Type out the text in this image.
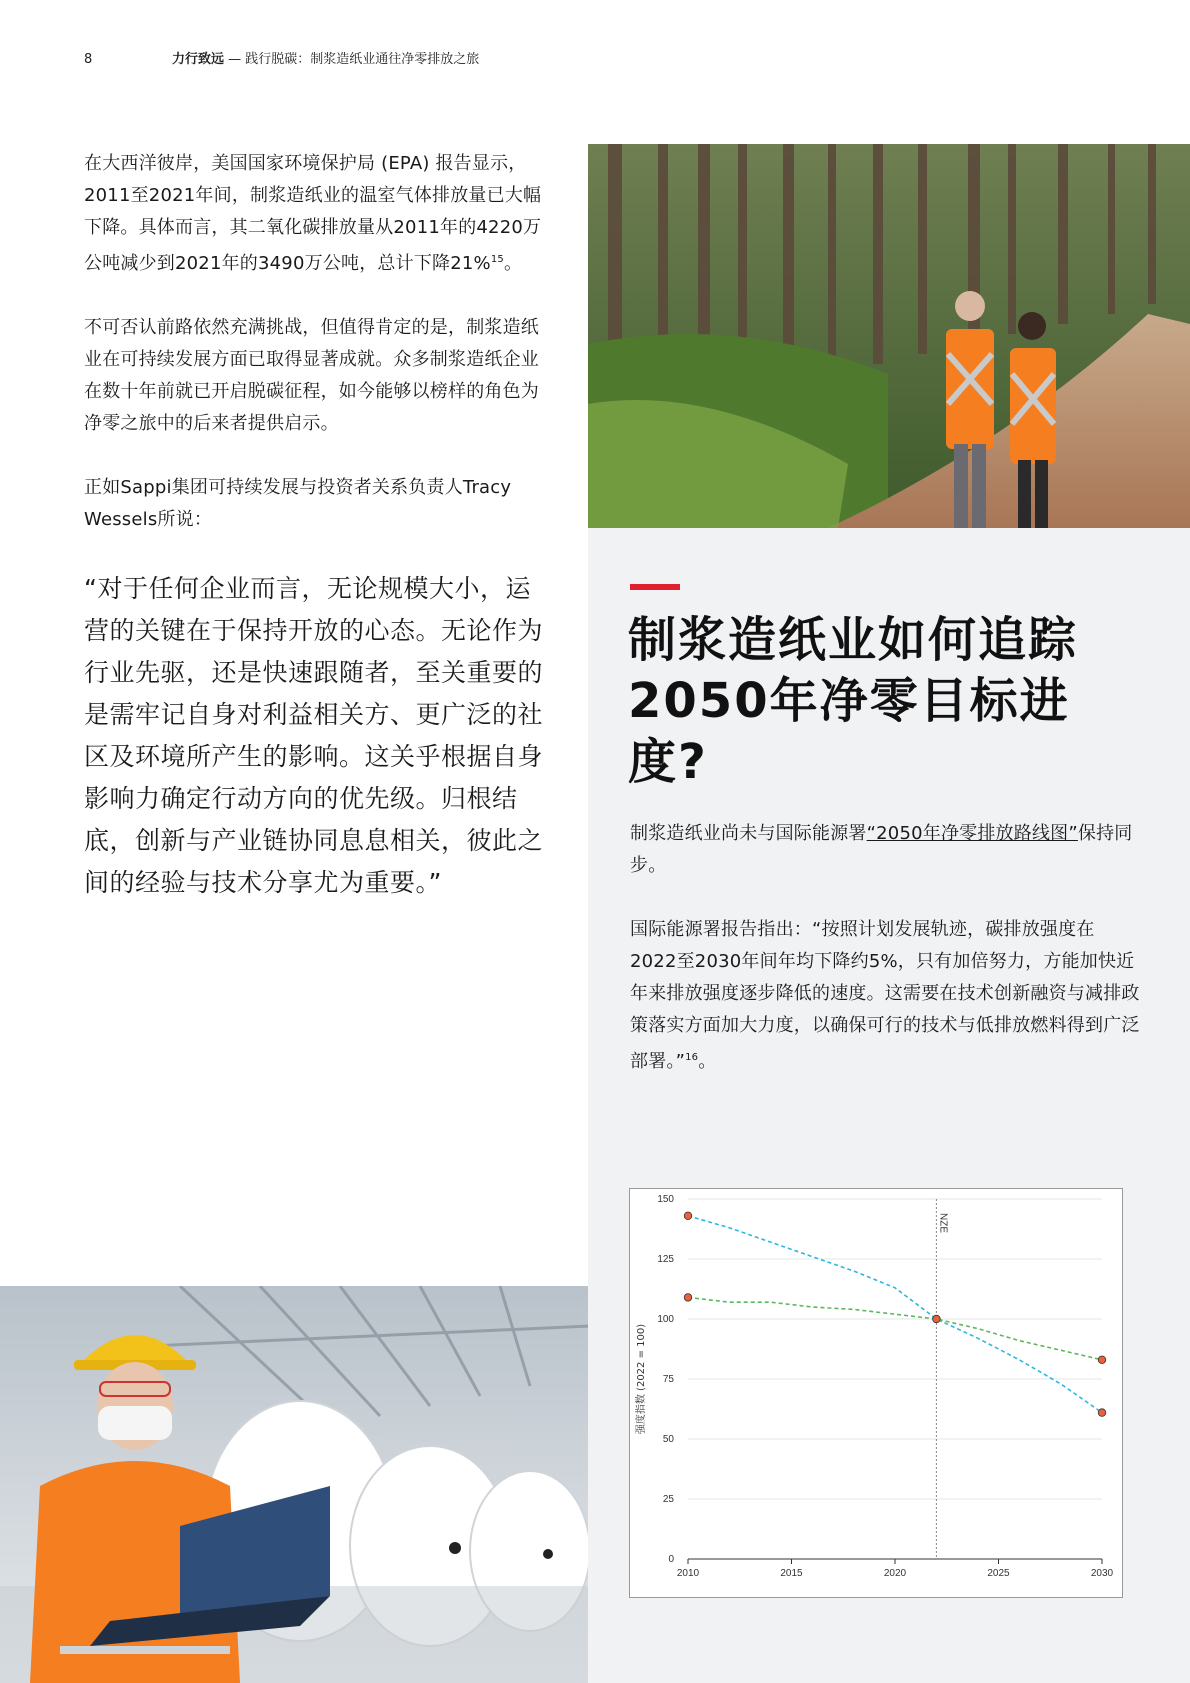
8	力行致远 — 践行脱碳：制浆造纸业通往净零排放之旅

在大西洋彼岸，美国国家环境保护局 (EPA) 报告显示，2011至2021年间，制浆造纸业的温室气体排放量已大幅下降。具体而言，其二氧化碳排放量从2011年的4220万公吨减少到2021年的3490万公吨，总计下降21%$^{15}$。

不可否认前路依然充满挑战，但值得肯定的是，制浆造纸业在可持续发展方面已取得显著成就。众多制浆造纸企业在数十年前就已开启脱碳征程，如今能够以榜样的角色为净零之旅中的后来者提供启示。

正如Sappi集团可持续发展与投资者关系负责人Tracy Wessels所说：

“对于任何企业而言，无论规模大小，运营的关键在于保持开放的心态。无论作为行业先驱，还是快速跟随者，至关重要的是需牢记自身对利益相关方、更广泛的社区及环境所产生的影响。这关乎根据自身影响力确定行动方向的优先级。归根结底，创新与产业链协同息息相关，彼此之间的经验与技术分享尤为重要。”
制浆造纸业如何追踪2050年净零目标进度?
制浆造纸业尚未与国际能源署“2050年净零排放路线图”保持同步。
国际能源署报告指出：“按照计划发展轨迹，碳排放强度在2022至2030年间年均下降约5%，只有加倍努力，方能加快近年来排放强度逐步降低的速度。这需要在技术创新融资与减排政策落实方面加大力度，以确保可行的技术与低排放燃料得到广泛部署。”$^{16}$。
0
25
50
75
100
125
150
2010	2015	2020	2025	2030
强度指数 (2022 = 100)
NZE
